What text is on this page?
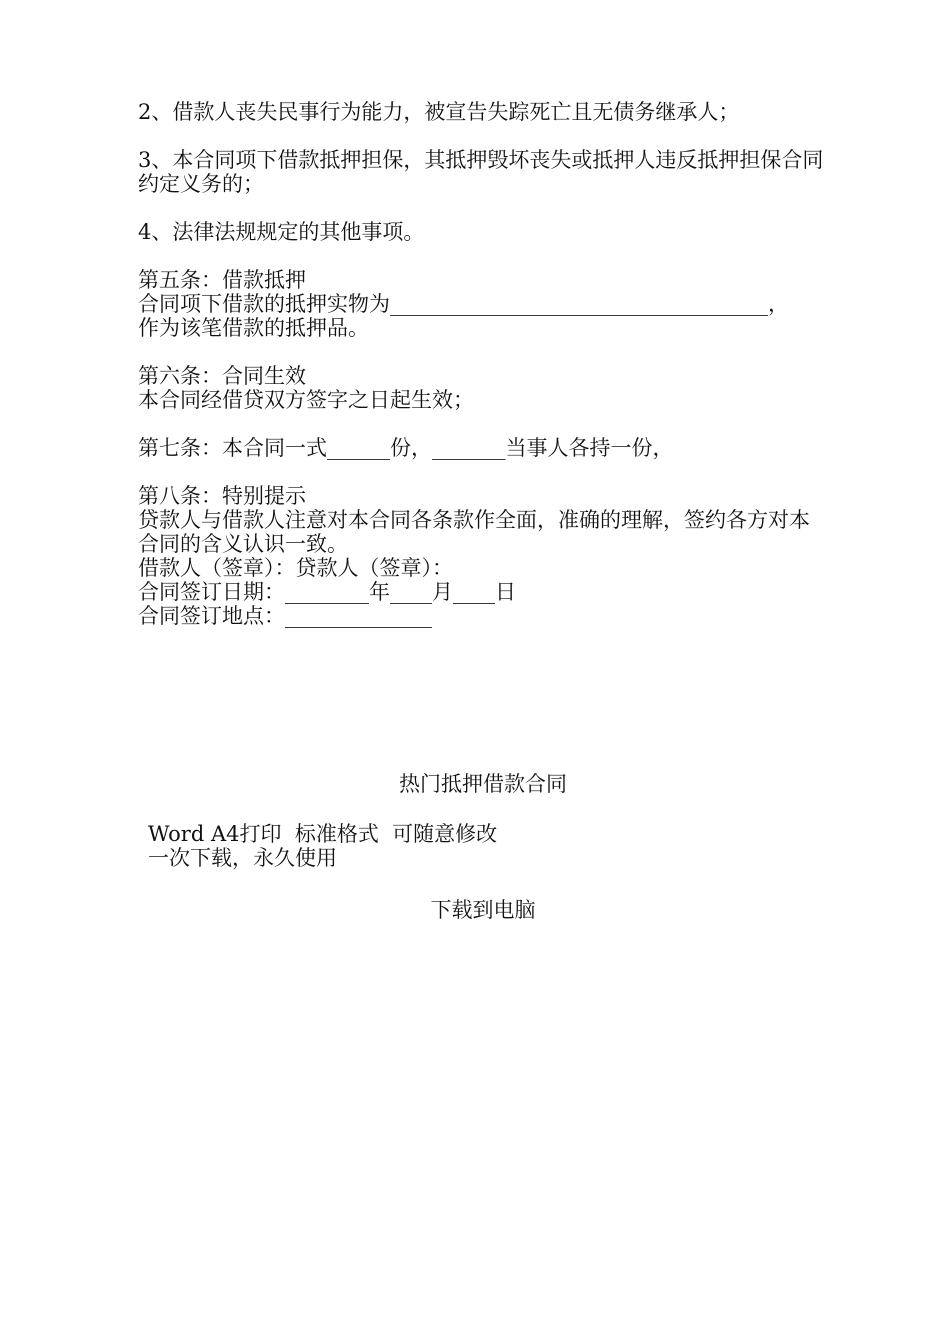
2、借款人丧失民事行为能力，被宣告失踪死亡且无债务继承人；

3、本合同项下借款抵押担保，其抵押毁坏丧失或抵押人违反抵押担保合同约定义务的；

4、法律法规规定的其他事项。

第五条：借款抵押
合同项下借款的抵押实物为____________________________________，
作为该笔借款的抵押品。
第六条：合同生效
本合同经借贷双方签字之日起生效；
第七条：本合同一式______份，_______当事人各持一份，
第八条：特别提示
贷款人与借款人注意对本合同各条款作全面，准确的理解，签约各方对本合同的含义认识一致。
借款人（签章）：贷款人（签章）：
合同签订日期：________年____月____日
合同签订地点：______________
热门抵押借款合同
Word A4打印  标准格式  可随意修改
一次下载，永久使用
下载到电脑
